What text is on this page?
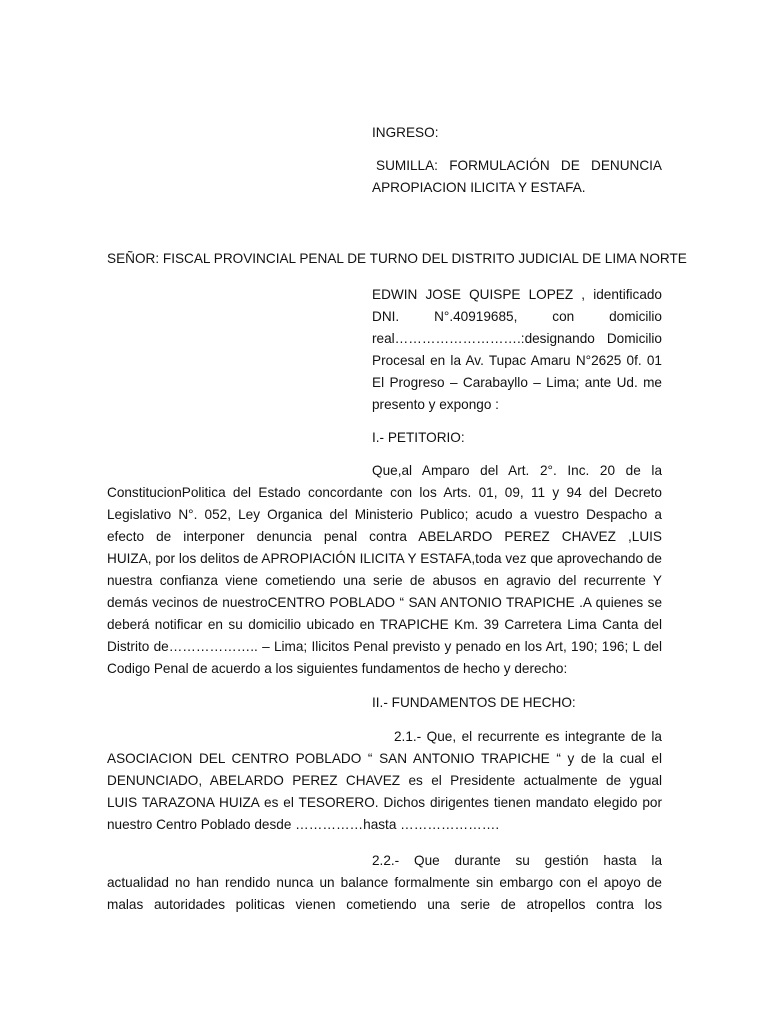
INGRESO:

SUMILLA: FORMULACIÓN DE DENUNCIA
APROPIACION ILICITA Y ESTAFA.

SEÑOR: FISCAL PROVINCIAL PENAL DE TURNO DEL DISTRITO JUDICIAL DE LIMA NORTE

EDWIN JOSE QUISPE LOPEZ , identificado
DNI. N°.40919685, con domicilio
real……………………….:designando Domicilio
Procesal en la Av. Tupac Amaru N°2625 0f. 01
El Progreso – Carabayllo – Lima; ante Ud. me
presento y expongo :

I.- PETITORIO:

Que,al Amparo del Art. 2°. Inc. 20 de la
ConstitucionPolitica del Estado concordante con los Arts. 01, 09, 11 y 94 del Decreto
Legislativo N°. 052, Ley Organica del Ministerio Publico; acudo a vuestro Despacho a
efecto de interponer denuncia penal contra ABELARDO PEREZ CHAVEZ ,LUIS
HUIZA, por los delitos de APROPIACIÓN ILICITA Y ESTAFA,toda vez que aprovechando de
nuestra confianza viene cometiendo una serie de abusos en agravio del recurrente Y
demás vecinos de nuestroCENTRO POBLADO “ SAN ANTONIO TRAPICHE .A quienes se
deberá notificar en su domicilio ubicado en TRAPICHE Km. 39 Carretera Lima Canta del
Distrito de……………….. – Lima; Ilicitos Penal previsto y penado en los Art, 190; 196; L del
Codigo Penal de acuerdo a los siguientes fundamentos de hecho y derecho:

II.- FUNDAMENTOS DE HECHO:

2.1.- Que, el recurrente es integrante de la
ASOCIACION DEL CENTRO POBLADO “ SAN ANTONIO TRAPICHE “ y de la cual el
DENUNCIADO, ABELARDO PEREZ CHAVEZ es el Presidente actualmente de ygual
LUIS TARAZONA HUIZA es el TESORERO. Dichos dirigentes tienen mandato elegido por
nuestro Centro Poblado desde ……………hasta ………………….
2.2.- Que durante su gestión hasta la
actualidad no han rendido nunca un balance formalmente sin embargo con el apoyo de
malas autoridades politicas vienen cometiendo una serie de atropellos contra los
